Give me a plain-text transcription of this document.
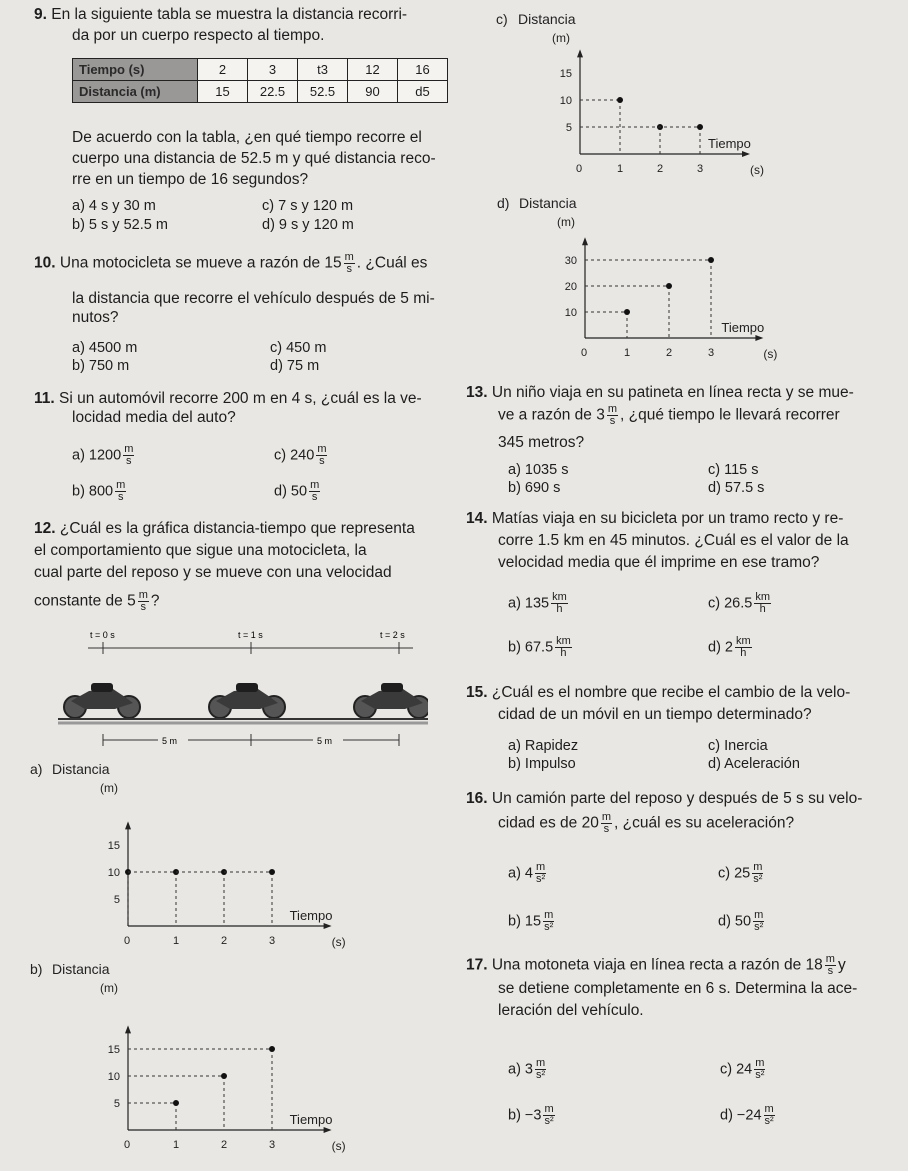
9. En la siguiente tabla se muestra la distancia recorri-
da por un cuerpo respecto al tiempo.
Tiempo (s)	2	3	t3	12	16
Distancia (m)	15	22.5	52.5	90	d5
De acuerdo con la tabla, ¿en qué tiempo recorre el
cuerpo una distancia de 52.5 m y qué distancia reco-
rre en un tiempo de 16 segundos?
a) 4 s y 30 m	c) 7 s y 120 m
b) 5 s y 52.5 m	d) 9 s y 120 m
10. Una motocicleta se mueve a razón de $15 \frac{m}{s}$ . ¿Cuál es
la distancia que recorre el vehículo después de 5 mi-
nutos?
a) 4500 m	c) 450 m
b) 750 m	d) 75 m
11. Si un automóvil recorre 200 m en 4 s, ¿cuál es la ve-
locidad media del auto?
a) $1200 \frac{m}{s}$	c) $240 \frac{m}{s}$
b) $800 \frac{m}{s}$	d) $50 \frac{m}{s}$
12. ¿Cuál es la gráfica distancia-tiempo que representa
el comportamiento que sigue una motocicleta, la
cual parte del reposo y se mueve con una velocidad
constante de $5 \frac{m}{s}$ ?
t = 0 s	t = 1 s	t = 2 s
5 m	5 m
a) Distancia
(m)
Tiempo
(s)
0	1	2	3
5
10
15
b) Distancia
(m)
Tiempo
(s)
0	1	2	3
5
10
15
c) Distancia
(m)
Tiempo
(s)
0	1	2	3
5
10
15
d) Distancia
(m)
Tiempo
(s)
0	1	2	3
10
20
30
13. Un niño viaja en su patineta en línea recta y se mue-
ve a razón de $3 \frac{m}{s}$ , ¿qué tiempo le llevará recorrer
345 metros?
a) 1035 s	c) 115 s
b) 690 s	d) 57.5 s
14. Matías viaja en su bicicleta por un tramo recto y re-
corre 1.5 km en 45 minutos. ¿Cuál es el valor de la
velocidad media que él imprime en ese tramo?
a) $135 \frac{km}{h}$	c) $26.5 \frac{km}{h}$
b) $67.5 \frac{km}{h}$	d) $2 \frac{km}{h}$
15. ¿Cuál es el nombre que recibe el cambio de la velo-
cidad de un móvil en un tiempo determinado?
a) Rapidez	c) Inercia
b) Impulso	d) Aceleración
16. Un camión parte del reposo y después de 5 s su velo-
cidad es de $20 \frac{m}{s}$ , ¿cuál es su aceleración?
a) $4 \frac{m}{\text{s²}}$	c) $25 \frac{m}{\text{s²}}$
b) $15 \frac{m}{\text{s²}}$	d) $50 \frac{m}{\text{s²}}$
17. Una motoneta viaja en línea recta a razón de $18 \frac{m}{s}$ y
se detiene completamente en 6 s. Determina la ace-
leración del vehículo.
a) $3 \frac{m}{\text{s²}}$	c) $24 \frac{m}{\text{s²}}$
$b) -3 \frac{m}{\text{s²}}$	$d) -24 \frac{m}{\text{s²}}$
